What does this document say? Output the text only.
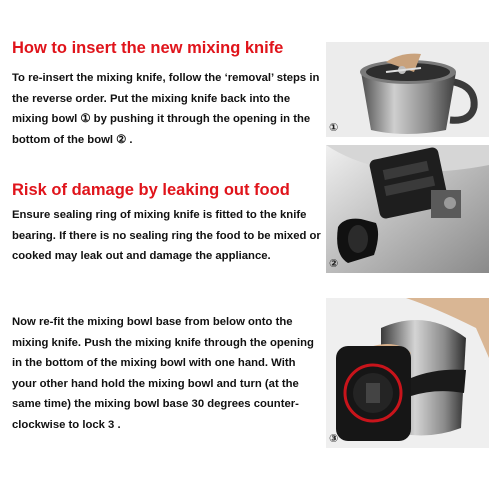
How to insert the new mixing knife

To re-insert the mixing knife, follow the ‘removal’ steps in the reverse order. Put the mixing knife back into the mixing bowl ① by pushing it through the opening in the bottom of the bowl ② .

①
Risk of damage by leaking out food

Ensure sealing ring of mixing knife is fitted to the knife bearing. If there is no sealing ring the food to be mixed or cooked may leak out and damage the appliance.

②

Now re-fit the mixing bowl base from below onto the mixing knife. Push the mixing knife through the opening in the bottom of the mixing bowl with one hand. With your other hand hold the mixing bowl and turn (at the same time) the mixing bowl base 30 degrees counter-clockwise to lock 3 .

③
